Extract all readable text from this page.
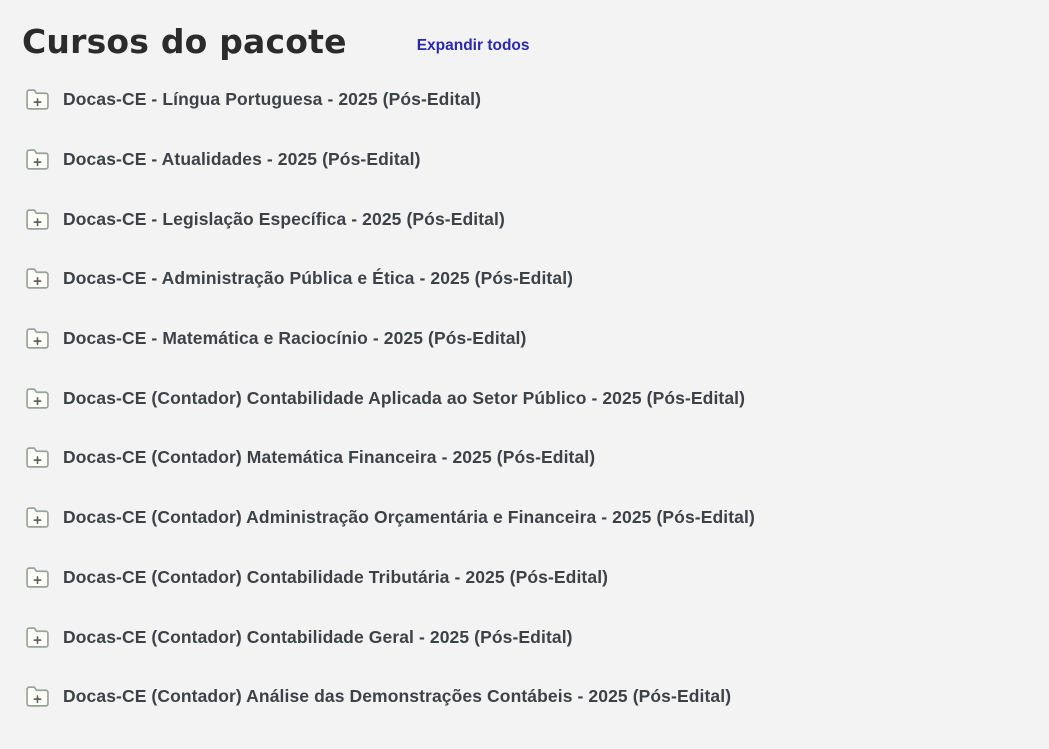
Cursos do pacote	Expandir todos
Docas-CE - Língua Portuguesa - 2025 (Pós-Edital)
Docas-CE - Atualidades - 2025 (Pós-Edital)
Docas-CE - Legislação Específica - 2025 (Pós-Edital)
Docas-CE - Administração Pública e Ética - 2025 (Pós-Edital)
Docas-CE - Matemática e Raciocínio - 2025 (Pós-Edital)
Docas-CE (Contador) Contabilidade Aplicada ao Setor Público - 2025 (Pós-Edital)
Docas-CE (Contador) Matemática Financeira - 2025 (Pós-Edital)
Docas-CE (Contador) Administração Orçamentária e Financeira - 2025 (Pós-Edital)
Docas-CE (Contador) Contabilidade Tributária - 2025 (Pós-Edital)
Docas-CE (Contador) Contabilidade Geral - 2025 (Pós-Edital)
Docas-CE (Contador) Análise das Demonstrações Contábeis - 2025 (Pós-Edital)
